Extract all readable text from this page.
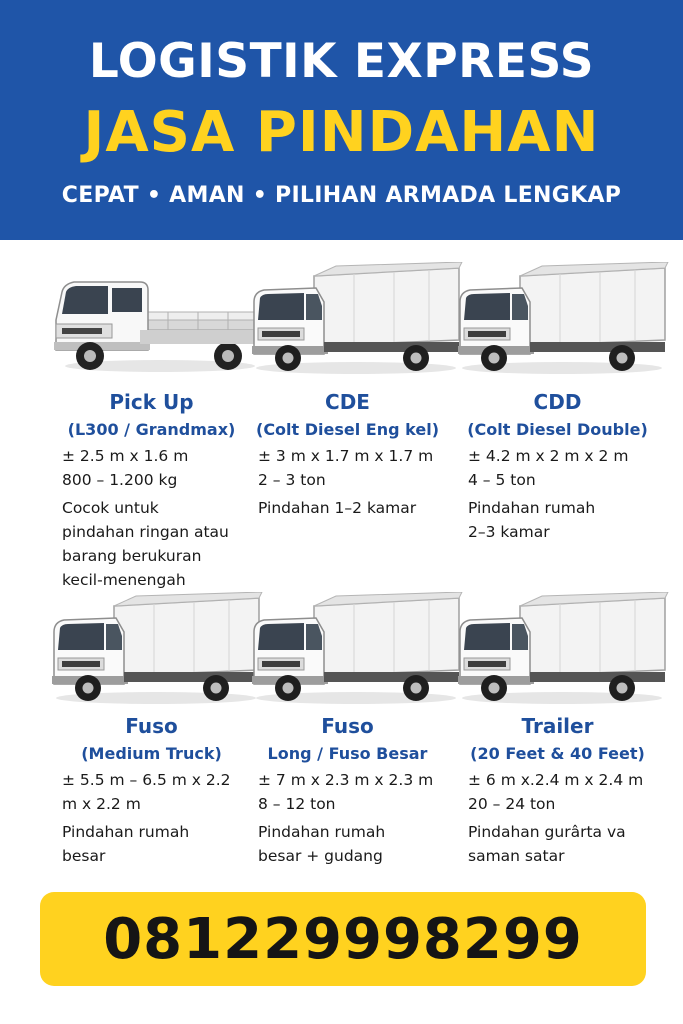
LOGISTIK EXPRESS
JASA PINDAHAN
CEPAT • AMAN • PILIHAN ARMADA LENGKAP
Pick Up
(L300 / Grandmax)
± 2.5 m x 1.6 m
800 – 1.200 kg
Cocok untuk
pindahan ringan atau
barang berukuran
kecil-menengah
CDE
(Colt Diesel Eng kel)
± 3 m x 1.7 m x 1.7 m
2 – 3 ton
Pindahan 1–2 kamar
CDD
(Colt Diesel Double)
± 4.2 m x 2 m x 2 m
4 – 5 ton
Pindahan rumah
2–3 kamar
Fuso
(Medium Truck)
± 5.5 m – 6.5 m x 2.2
m x 2.2 m
Pindahan rumah
besar
Fuso
Long / Fuso Besar
± 7 m x 2.3 m x 2.3 m
8 – 12 ton
Pindahan rumah
besar + gudang
Trailer
(20 Feet & 40 Feet)
± 6 m x.2.4 m x 2.4 m
20 – 24 ton
Pindahan gurârta va
saman satar
081229998299
